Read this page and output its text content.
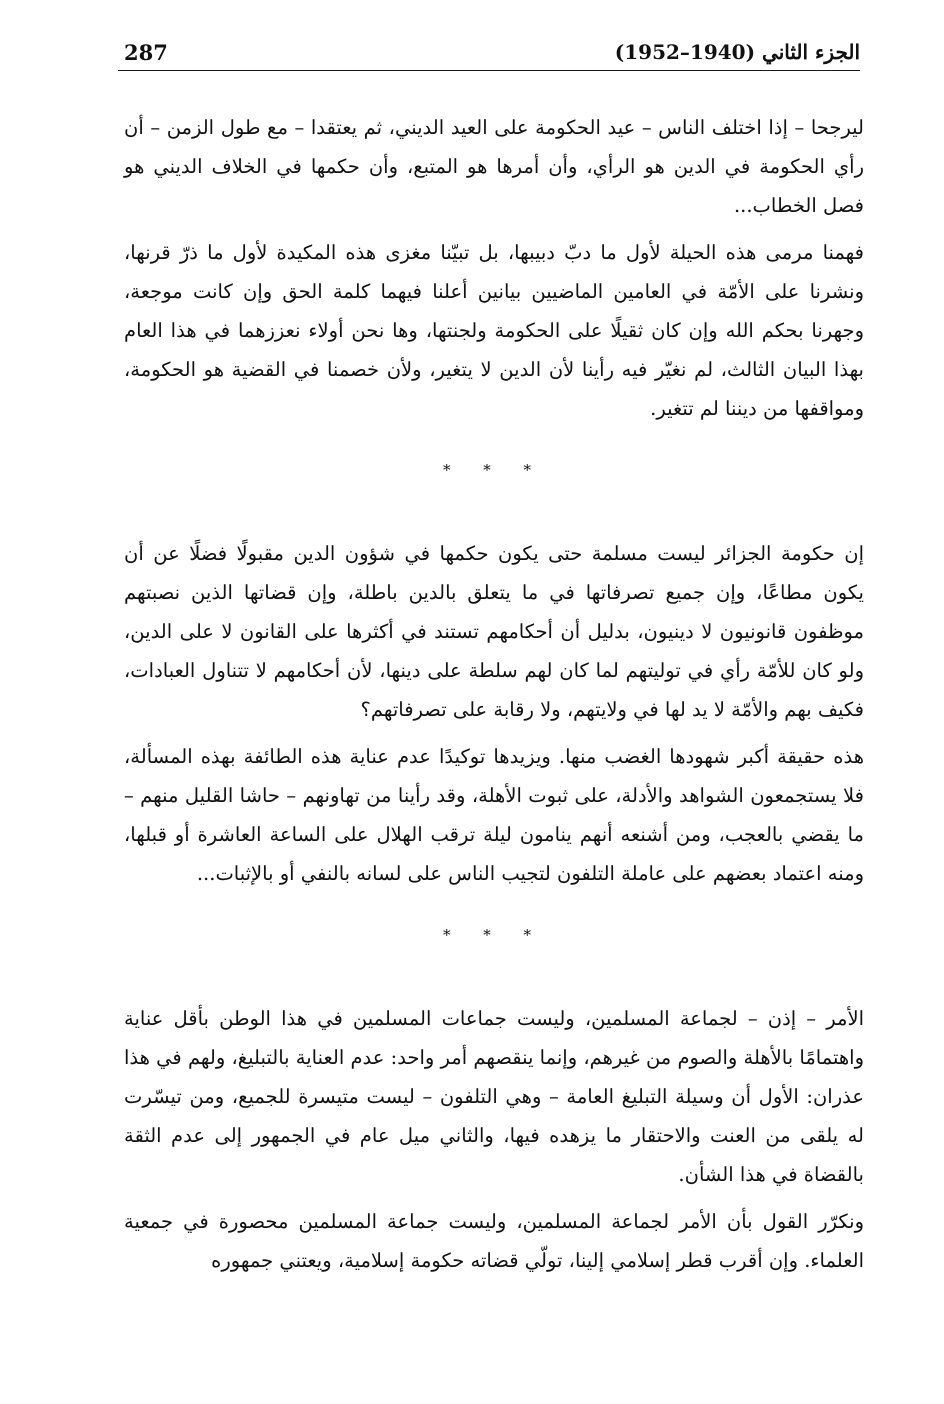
287	الجزء الثاني (1940–1952)

ليرجحا – إذا اختلف الناس – عيد الحكومة على العيد الديني، ثم يعتقدا – مع طول الزمن – أن رأي الحكومة في الدين هو الرأي، وأن أمرها هو المتبع، وأن حكمها في الخلاف الديني هو فصل الخطاب...

فهمنا مرمى هذه الحيلة لأول ما دبّ دبيبها، بل تبيّنا مغزى هذه المكيدة لأول ما ذرّ قرنها، ونشرنا على الأمّة في العامين الماضيين بيانين أعلنا فيهما كلمة الحق وإن كانت موجعة، وجهرنا بحكم الله وإن كان ثقيلًا على الحكومة ولجنتها، وها نحن أولاء نعززهما في هذا العام بهذا البيان الثالث، لم نغيّر فيه رأينا لأن الدين لا يتغير، ولأن خصمنا في القضية هو الحكومة، ومواقفها من ديننا لم تتغير.

* * *

إن حكومة الجزائر ليست مسلمة حتى يكون حكمها في شؤون الدين مقبولًا فضلًا عن أن يكون مطاعًا، وإن جميع تصرفاتها في ما يتعلق بالدين باطلة، وإن قضاتها الذين نصبتهم موظفون قانونيون لا دينيون، بدليل أن أحكامهم تستند في أكثرها على القانون لا على الدين، ولو كان للأمّة رأي في توليتهم لما كان لهم سلطة على دينها، لأن أحكامهم لا تتناول العبادات، فكيف بهم والأمّة لا يد لها في ولايتهم، ولا رقابة على تصرفاتهم؟

هذه حقيقة أكبر شهودها الغضب منها. ويزيدها توكيدًا عدم عناية هذه الطائفة بهذه المسألة، فلا يستجمعون الشواهد والأدلة، على ثبوت الأهلة، وقد رأينا من تهاونهم – حاشا القليل منهم – ما يقضي بالعجب، ومن أشنعه أنهم ينامون ليلة ترقب الهلال على الساعة العاشرة أو قبلها، ومنه اعتماد بعضهم على عاملة التلفون لتجيب الناس على لسانه بالنفي أو بالإثبات...

* * *

الأمر – إذن – لجماعة المسلمين، وليست جماعات المسلمين في هذا الوطن بأقل عناية واهتمامًا بالأهلة والصوم من غيرهم، وإنما ينقصهم أمر واحد: عدم العناية بالتبليغ، ولهم في هذا عذران: الأول أن وسيلة التبليغ العامة – وهي التلفون – ليست متيسرة للجميع، ومن تيسّرت له يلقى من العنت والاحتقار ما يزهده فيها، والثاني ميل عام في الجمهور إلى عدم الثقة بالقضاة في هذا الشأن.

ونكرّر القول بأن الأمر لجماعة المسلمين، وليست جماعة المسلمين محصورة في جمعية العلماء. وإن أقرب قطر إسلامي إلينا، تولّي قضاته حكومة إسلامية، ويعتني جمهوره
